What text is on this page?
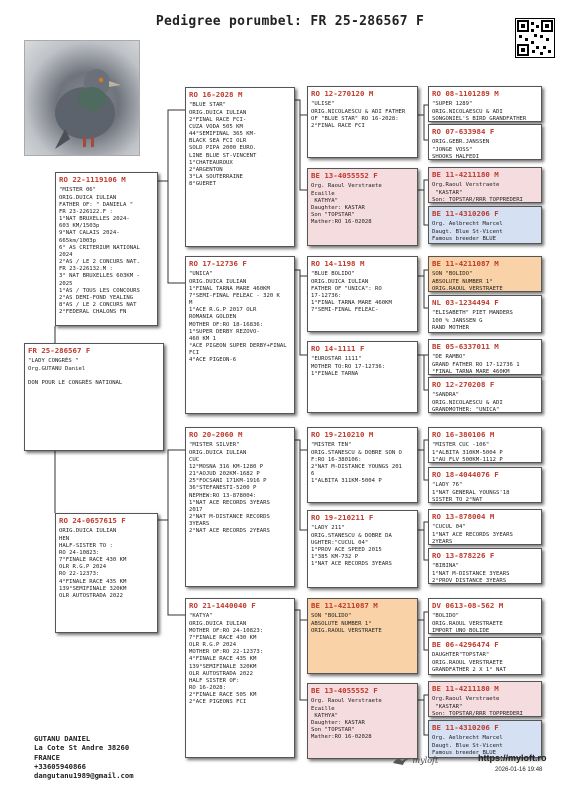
Pedigree porumbel: FR 25-286567 F
FR 25-286567 F
"LADY CONGRÈS "
Org.GUTANU Daniel

DON POUR LE CONGRÈS NATIONAL
RO 22-1119106 M
"MISTER 06"
ORIG.DUICA IULIAN
FATHER OF: " DANIELA "
FR 23-226122.F :
1°NAT BRUXELLES 2024-
603 KM/1503p
9°NAT CALAIS 2024-
665km/1003p
6° AS CRITERIUM NATIONAL 2024
2°AS / LE 2 CONCURS NAT.
FR 23-226132.M :
3° NAT BRUXELLES 603KM - 2025
1°AS / TOUS LES CONCOURS
2°AS DEMI-FOND YEALING
8°AS / LE 2 CONCURS NAT
2°FEDERAL CHALONS FN
RO 24-0657615 F
ORIG.DUICA IULIAN
HEN
HALF-SISTER TO :
RO 24-10823:
7°FINALE RACE 430 KM
OLR R.G.P 2024
RO 22-12373:
4°FINALE RACE 435 KM
139°SEMIFINALE 320KM
OLR AUTOSTRADA 2022
RO 16-2028 M
"BLUE STAR"
ORIG.DUICA IULIAN
2°FINAL RACE FCI-
CUZA VODA 505 KM
44°SEMIFINAL 365 KM-
BLACK SEA FCI OLR
SOLD PIPA 2000 EURO.
LINE BLUE ST-VINCENT
1°CHATEAUROUX
2°ARGENTON
3°LA SOUTERRAINE
8°GUERET
RO 17-12736 F
"UNICA"
ORIG.DUICA IULIAN
1°FINAL TARNA MARE 460KM
7°SEMI-FINAL FELEAC - 320 K
M
1°ACE R.G.P 2017 OLR
ROMANIA GOLDEN
MOTHER OF:RO 18-16836:
1°SUPER DERBY REZOVO-
460 KM 1
°ACE PIGEON SUPER DERBY+FINAL
FCI
4°ACE PIGEON-6
RO 20-2060 M
"MISTER SILVER"
ORIG.DUICA IULIAN
CUC
12°MOSNA 316 KM-1280 P
21°AOJUD 202KM-1682 P
25°FOCSANI 171KM-1916 P
36°STEFANESTI-5200 P
NEPHEW:RO 13-878004:
1°NAT ACE RECORDS 3YEARS
2017
2°NAT M-DISTANCE RECORDS
3YEARS
2°NAT ACE RECORDS 2YEARS
RO 21-1440040 F
"KATYA"
ORIG.DUICA IULIAN
MOTHER OF:RO 24-10823:
7°FINALE RACE 430 KM
OLR R.G.P 2024
MOTHER OF:RO 22-12373:
4°FINALE RACE 435 KM
139°SEMIFINALE 320KM
OLR AUTOSTRADA 2022
HALF SISTER OF:
RO 16-2028:
2°FINALE RACE 505 KM
2°ACE PIGEONS FCI
RO 12-270120 M
"ULISE"
ORIG.NICOLAESCU & ADI FATHER
OF "BLUE STAR" RO 16-2028:
2°FINAL RACE FCI
BE 13-4055552 F
Org. Raoul Verstraete
Ecaille
KATHYA"
Daughter: KASTAR
Son "TOPSTAR"
Mather:RO 16-02028
RO 14-1198 M
"BLUE BOLIDO"
ORIG.DUICA IULIAN
FATHER OF "UNICA": RO
17-12736:
1°FINAL TARNA MARE 460KM
7°SEMI-FINAL FELEAC-
RO 14-1111 F
"EUROSTAR 1111"
MOTHER TO:RO 17-12736:
1°FINALE TARNA
RO 19-210210 M
"MISTER TEN"
ORIG.STANESCU & DOBRE SON O
F:RO 16-380106:
2°NAT M-DISTANCE YOUNGS 201
6
1°ALBITA 311KM-5004 P
RO 19-210211 F
"LADY 211"
ORIG.STANESCU & DOBRE DA
UGHTER:"CUCUL 04"
1°PROV ACE SPEED 2015
1°385 KM-732 P
1°NAT ACE RECORDS 3YEARS
BE 11-4211087 M
SON "BOLIDO"
ABSOLUTE NUMBER 1°
ORIG.RAOUL VERSTRAETE
BE 13-4055552 F
Org. Raoul Verstraete
Ecaille
KATHYA"
Daughter: KASTAR
Son "TOPSTAR"
Mather:RO 16-02028
RO 08-1101289 M
"SUPER 1289"
ORIG.NICOLAESCU & ADI
SONGONIEL'S BIRD GRANDFATHER
RO 07-633984 F
ORIG.GEBR.JANSSEN
"JONGE VOSS"
SHOOKS HALFEDI
BE 11-4211180 M
Org.Raoul Verstraete
"KASTAR"
Son: TOPSTAR/RRR TOPPREDERI
BE 11-4310206 F
Org. Aelbrecht Marcel
Daugt. Blue St-Vicent
Famous breeder BLUE
BE 11-4211087 M
SON "BOLIDO"
ABSOLUTE NUMBER 1°
ORIG.RAOUL VERSTRAETE
NL 03-1234494 F
"ELISABETH" PIET MANDERS
100 % JANSSEN G
RAND MOTHER
BE 05-6337011 M
"DE RAMBO"
GRAND FATHER RO 17-12736 1
°FINAL TARNA MARE 460KM
RO 12-270208 F
"SANDRA"
ORIG.NICOLAESCU & ADI
GRANDMOTHER: "UNICA"
RO 16-380106 M
"MISTER CUC -106"
1°ALBITA 310KM-5004 P
1°AU FLV 500KM-1112 P
RO 18-4044076 F
"LADY 76"
1°NAT GENERAL YOUNGS'18
SISTER TO 2°NAT
RO 13-878004 M
"CUCUL 04"
1°NAT ACE RECORDS 3YEARS
2YEARS
RO 13-878226 F
"BIBINA"
1°NAT M-DISTANCE 3YEARS
2°PROV DISTANCE 3YEARS
DV 0613-08-562 M
"BOLIDO"
ORIG.RAOUL VERSTRAETE
IMPORT UNO BOLIDE
BE 06-4296474 F
DAUGHTER"TOPSTAR"
ORIG.RAOUL VERSTRAETE
GRANDFATHER 2 X 1° NAT
BE 11-4211180 M
Org.Raoul Verstraete
"KASTAR"
Son: TOPSTAR/RRR TOPPREDERI
BE 11-4310206 F
Org. Aelbrecht Marcel
Daugt. Blue St-Vicent
Famous breeder BLUE
GUTANU DANIEL
La Cote St Andre 38260
FRANCE
+33605940866
dangutanu1989@gmail.com
myloft	https://myloft.ro
2026-01-16 19:48
